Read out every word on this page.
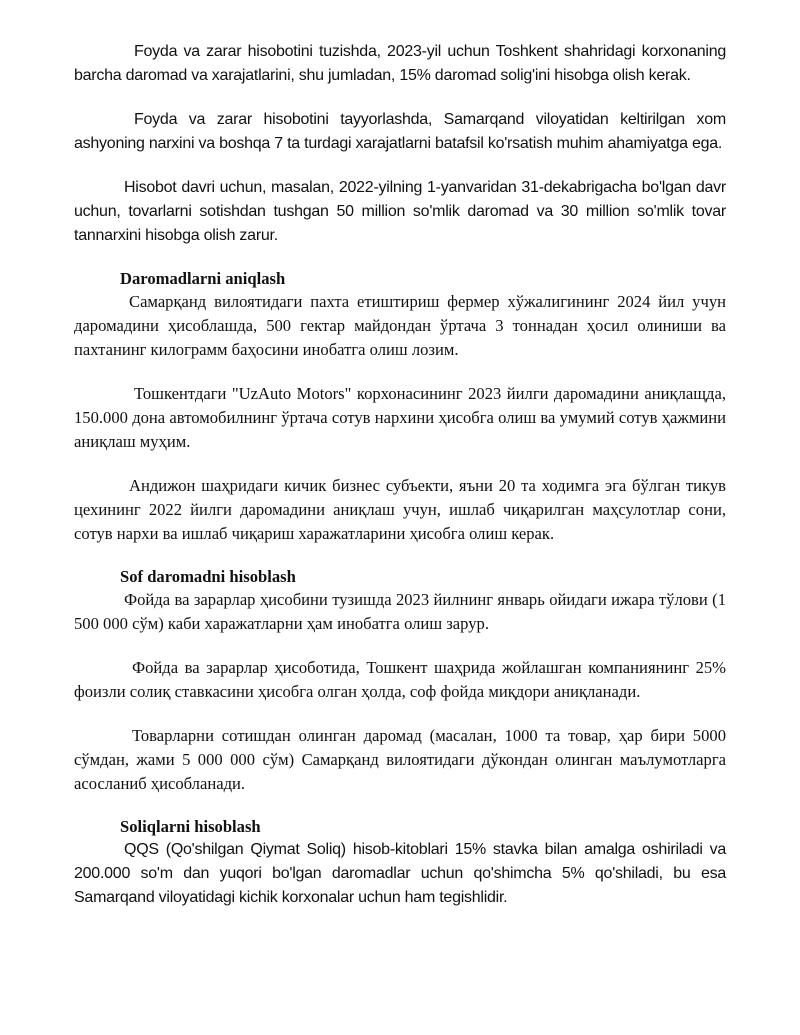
Foyda va zarar hisobotini tuzishda, 2023-yil uchun Toshkent shahridagi korxonaning barcha daromad va xarajatlarini, shu jumladan, 15% daromad solig'ini hisobga olish kerak.

Foyda va zarar hisobotini tayyorlashda, Samarqand viloyatidan keltirilgan xom ashyoning narxini va boshqa 7 ta turdagi xarajatlarni batafsil ko'rsatish muhim ahamiyatga ega.

Hisobot davri uchun, masalan, 2022-yilning 1-yanvaridan 31-dekabrigacha bo'lgan davr uchun, tovarlarni sotishdan tushgan 50 million so'mlik daromad va 30 million so'mlik tovar tannarxini hisobga olish zarur.

Daromadlarni aniqlash

Самарқанд вилоятидаги пахта етиштириш фермер хўжалигининг 2024 йил учун даромадини ҳисоблашда, 500 гектар майдондан ўртача 3 тоннадан ҳосил олиниши ва пахтанинг килограмм баҳосини инобатга олиш лозим.

Тошкентдаги "UzAuto Motors" корхонасининг 2023 йилги даромадини аниқлащда, 150.000 дона автомобилнинг ўртача сотув нархини ҳисобга олиш ва умумий сотув ҳажмини аниқлаш муҳим.

Андижон шаҳридаги кичик бизнес субъекти, яъни 20 та ходимга эга бўлган тикув цехининг 2022 йилги даромадини аниқлаш учун, ишлаб чиқарилган маҳсулотлар сони, сотув нархи ва ишлаб чиқариш харажатларини ҳисобга олиш керак.

Sof daromadni hisoblash

Фойда ва зарарлар ҳисобини тузишда 2023 йилнинг январь ойидаги ижара тўлови (1 500 000 сўм) каби харажатларни ҳам инобатга олиш зарур.

Фойда ва зарарлар ҳисоботида, Тошкент шаҳрида жойлашган компаниянинг 25% фоизли солиқ ставкасини ҳисобга олган ҳолда, соф фойда миқдори аниқланади.

Товарларни сотишдан олинган даромад (масалан, 1000 та товар, ҳар бири 5000 сўмдан, жами 5 000 000 сўм) Самарқанд вилоятидаги дўкондан олинган маълумотларга асосланиб ҳисобланади.

Soliqlarni hisoblash

QQS (Qo'shilgan Qiymat Soliq) hisob-kitoblari 15% stavka bilan amalga oshiriladi va 200.000 so'm dan yuqori bo'lgan daromadlar uchun qo'shimcha 5% qo'shiladi, bu esa Samarqand viloyatidagi kichik korxonalar uchun ham tegishlidir.
